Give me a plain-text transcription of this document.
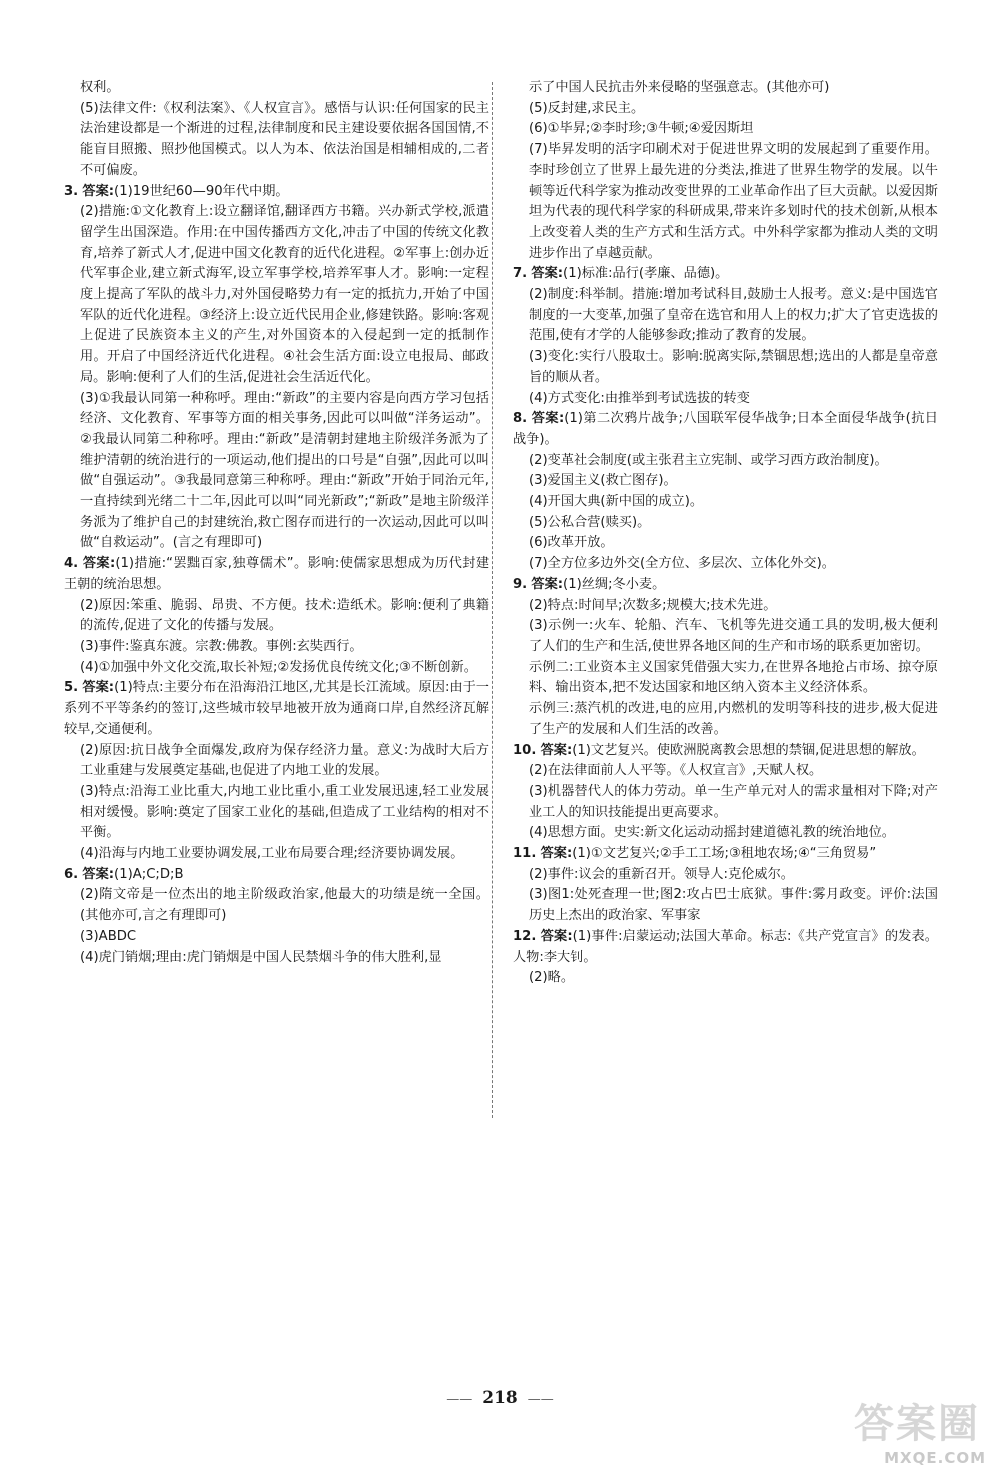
权利。

(5)法律文件:《权利法案》、《人权宣言》。感悟与认识:任何国家的民主法治建设都是一个渐进的过程,法律制度和民主建设要依据各国国情,不能盲目照搬、照抄他国模式。以人为本、依法治国是相辅相成的,二者不可偏废。

3. 答案:(1)19世纪60—90年代中期。

(2)措施:①文化教育上:设立翻译馆,翻译西方书籍。兴办新式学校,派遣留学生出国深造。作用:在中国传播西方文化,冲击了中国的传统文化教育,培养了新式人才,促进中国文化教育的近代化进程。②军事上:创办近代军事企业,建立新式海军,设立军事学校,培养军事人才。影响:一定程度上提高了军队的战斗力,对外国侵略势力有一定的抵抗力,开始了中国军队的近代化进程。③经济上:设立近代民用企业,修建铁路。影响:客观上促进了民族资本主义的产生,对外国资本的入侵起到一定的抵制作用。开启了中国经济近代化进程。④社会生活方面:设立电报局、邮政局。影响:便利了人们的生活,促进社会生活近代化。

(3)①我最认同第一种称呼。理由:“新政”的主要内容是向西方学习包括经济、文化教育、军事等方面的相关事务,因此可以叫做“洋务运动”。②我最认同第二种称呼。理由:“新政”是清朝封建地主阶级洋务派为了维护清朝的统治进行的一项运动,他们提出的口号是“自强”,因此可以叫做“自强运动”。③我最同意第三种称呼。理由:“新政”开始于同治元年,一直持续到光绪二十二年,因此可以叫“同光新政”;“新政”是地主阶级洋务派为了维护自己的封建统治,救亡图存而进行的一次运动,因此可以叫做“自救运动”。(言之有理即可)

4. 答案:(1)措施:“罢黜百家,独尊儒术”。影响:使儒家思想成为历代封建王朝的统治思想。

(2)原因:笨重、脆弱、昂贵、不方便。技术:造纸术。影响:便利了典籍的流传,促进了文化的传播与发展。

(3)事件:鉴真东渡。宗教:佛教。事例:玄奘西行。

(4)①加强中外文化交流,取长补短;②发扬优良传统文化;③不断创新。

5. 答案:(1)特点:主要分布在沿海沿江地区,尤其是长江流域。原因:由于一系列不平等条约的签订,这些城市较早地被开放为通商口岸,自然经济瓦解较早,交通便利。

(2)原因:抗日战争全面爆发,政府为保存经济力量。意义:为战时大后方工业重建与发展奠定基础,也促进了内地工业的发展。

(3)特点:沿海工业比重大,内地工业比重小,重工业发展迅速,轻工业发展相对缓慢。影响:奠定了国家工业化的基础,但造成了工业结构的相对不平衡。

(4)沿海与内地工业要协调发展,工业布局要合理;经济要协调发展。

6. 答案:(1)A;C;D;B

(2)隋文帝是一位杰出的地主阶级政治家,他最大的功绩是统一全国。(其他亦可,言之有理即可)

(3)ABDC

(4)虎门销烟;理由:虎门销烟是中国人民禁烟斗争的伟大胜利,显

示了中国人民抗击外来侵略的坚强意志。(其他亦可)

(5)反封建,求民主。

(6)①毕昇;②李时珍;③牛顿;④爱因斯坦

(7)毕昇发明的活字印刷术对于促进世界文明的发展起到了重要作用。李时珍创立了世界上最先进的分类法,推进了世界生物学的发展。以牛顿等近代科学家为推动改变世界的工业革命作出了巨大贡献。以爱因斯坦为代表的现代科学家的科研成果,带来许多划时代的技术创新,从根本上改变着人类的生产方式和生活方式。中外科学家都为推动人类的文明进步作出了卓越贡献。

7. 答案:(1)标准:品行(孝廉、品德)。

(2)制度:科举制。措施:增加考试科目,鼓励士人报考。意义:是中国选官制度的一大变革,加强了皇帝在选官和用人上的权力;扩大了官吏选拔的范围,使有才学的人能够参政;推动了教育的发展。

(3)变化:实行八股取士。影响:脱离实际,禁锢思想;选出的人都是皇帝意旨的顺从者。

(4)方式变化:由推举到考试选拔的转变

8. 答案:(1)第二次鸦片战争;八国联军侵华战争;日本全面侵华战争(抗日战争)。

(2)变革社会制度(或主张君主立宪制、或学习西方政治制度)。

(3)爱国主义(救亡图存)。

(4)开国大典(新中国的成立)。

(5)公私合营(赎买)。

(6)改革开放。

(7)全方位多边外交(全方位、多层次、立体化外交)。

9. 答案:(1)丝绸;冬小麦。

(2)特点:时间早;次数多;规模大;技术先进。

(3)示例一:火车、轮船、汽车、飞机等先进交通工具的发明,极大便利了人们的生产和生活,使世界各地区间的生产和市场的联系更加密切。

示例二:工业资本主义国家凭借强大实力,在世界各地抢占市场、掠夺原料、输出资本,把不发达国家和地区纳入资本主义经济体系。

示例三:蒸汽机的改进,电的应用,内燃机的发明等科技的进步,极大促进了生产的发展和人们生活的改善。

10. 答案:(1)文艺复兴。使欧洲脱离教会思想的禁锢,促进思想的解放。

(2)在法律面前人人平等。《人权宣言》,天赋人权。

(3)机器替代人的体力劳动。单一生产单元对人的需求量相对下降;对产业工人的知识技能提出更高要求。

(4)思想方面。史实:新文化运动动摇封建道德礼教的统治地位。

11. 答案:(1)①文艺复兴;②手工工场;③租地农场;④“三角贸易”

(2)事件:议会的重新召开。领导人:克伦威尔。

(3)图1:处死查理一世;图2:攻占巴士底狱。事件:雾月政变。评价:法国历史上杰出的政治家、军事家

12. 答案:(1)事件:启蒙运动;法国大革命。标志:《共产党宣言》的发表。人物:李大钊。

(2)略。

—— 218 ——
答案圈
MXQE.COM
